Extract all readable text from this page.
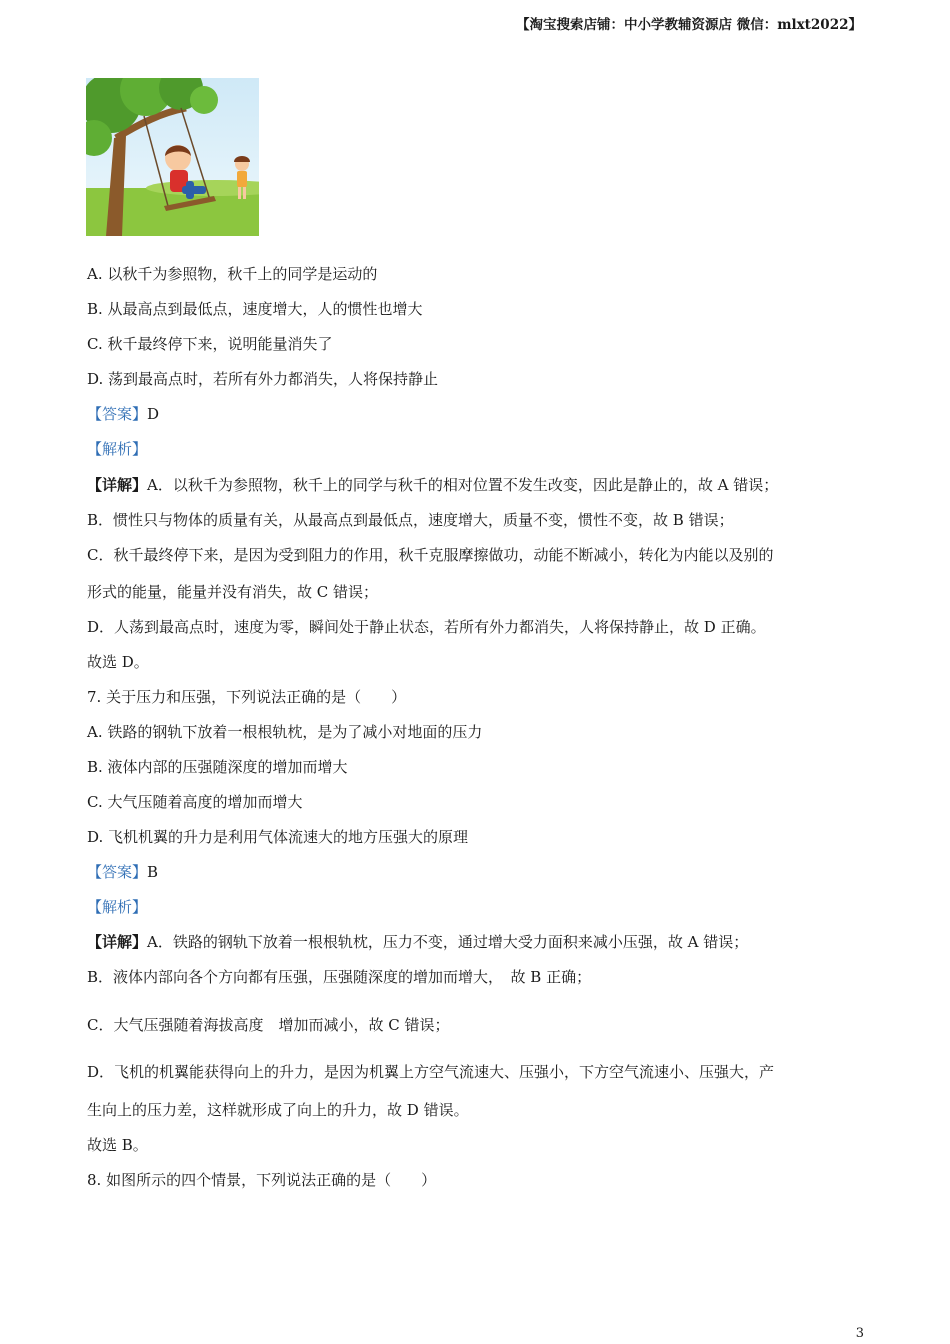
【淘宝搜索店铺：中小学教辅资源店 微信：mlxt2022】
A. 以秋千为参照物，秋千上的同学是运动的
B. 从最高点到最低点，速度增大，人的惯性也增大
C. 秋千最终停下来，说明能量消失了
D. 荡到最高点时，若所有外力都消失，人将保持静止
【答案】D
【解析】
【详解】A．以秋千为参照物，秋千上的同学与秋千的相对位置不发生改变，因此是静止的，故 A 错误；
B．惯性只与物体的质量有关，从最高点到最低点，速度增大，质量不变，惯性不变，故 B 错误；
C．秋千最终停下来，是因为受到阻力的作用，秋千克服摩擦做功，动能不断减小，转化为内能以及别的
形式的能量，能量并没有消失，故 C 错误；
D．人荡到最高点时，速度为零，瞬间处于静止状态，若所有外力都消失，人将保持静止，故 D 正确。
故选 D。
7. 关于压力和压强，下列说法正确的是（　　）
A. 铁路的钢轨下放着一根根轨枕，是为了减小对地面的压力
B. 液体内部的压强随深度的增加而增大
C. 大气压随着高度的增加而增大
D. 飞机机翼的升力是利用气体流速大的地方压强大的原理
【答案】B
【解析】
【详解】A．铁路的钢轨下放着一根根轨枕，压力不变，通过增大受力面积来减小压强，故 A 错误；
B．液体内部向各个方向都有压强，压强随深度的增加而增大，　故 B 正确；
C．大气压强随着海拔高度　增加而减小，故 C 错误；
D．飞机的机翼能获得向上的升力，是因为机翼上方空气流速大、压强小，下方空气流速小、压强大，产
生向上的压力差，这样就形成了向上的升力，故 D 错误。
故选 B。
8. 如图所示的四个情景，下列说法正确的是（　　）
3
